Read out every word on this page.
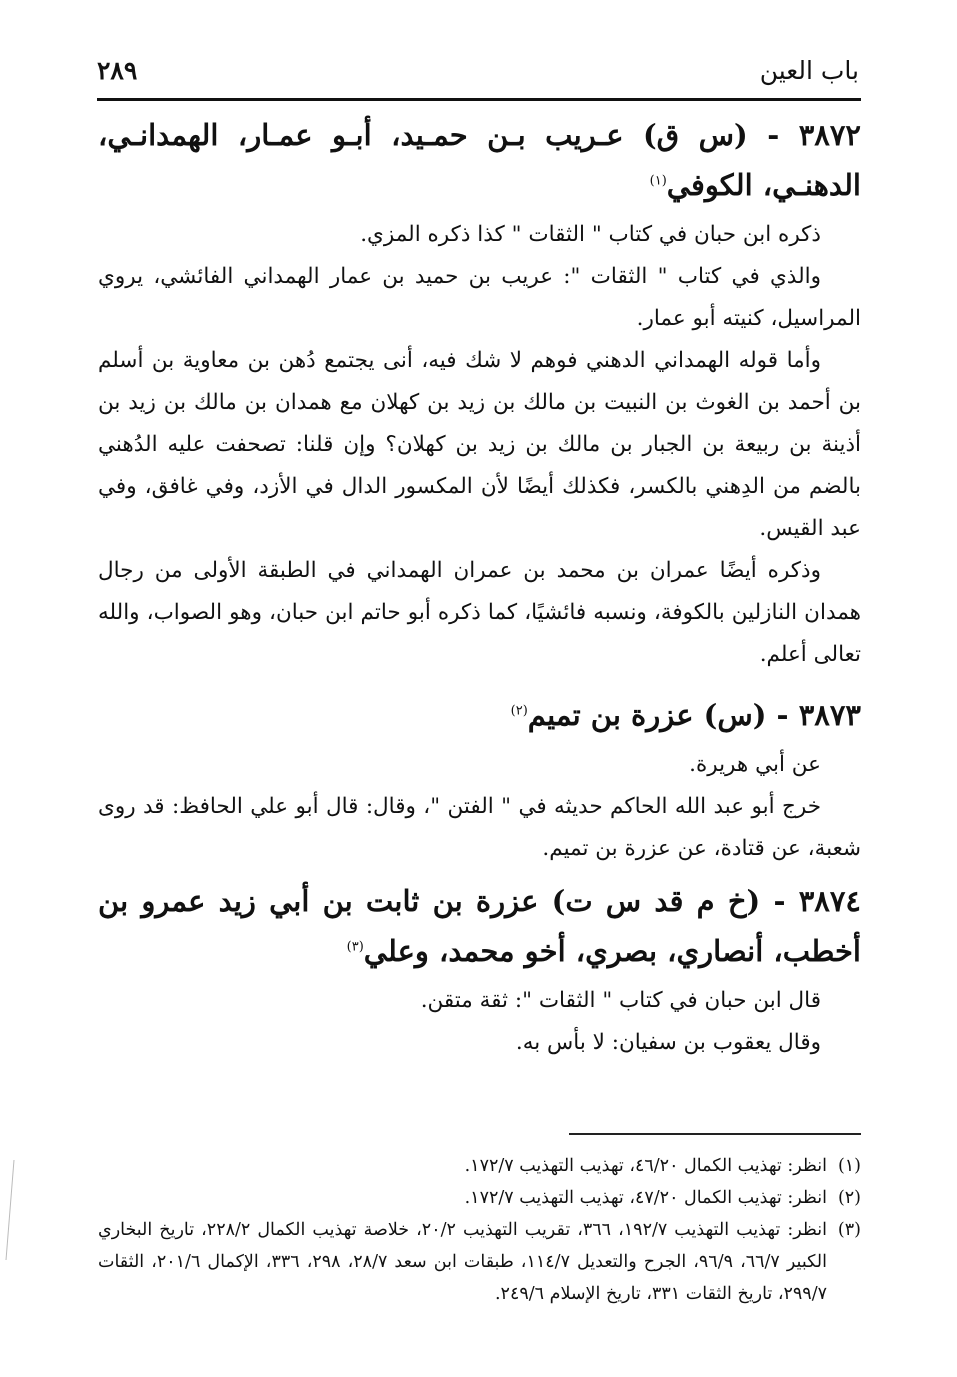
باب العين
٢٨٩
٣٨٧٢ - (س ق) عـريب بـن حمـيد، أبـو عمـار، الهمدانـي، الدهنـي، الكوفي$^{(١)}$

ذكره ابن حبان في كتاب " الثقات " كذا ذكره المزي.

والذي في كتاب " الثقات ": عريب بن حميد بن عمار الهمداني الفائشي، يروي المراسيل، كنيته أبو عمار.

وأما قوله الهمداني الدهني فوهم لا شك فيه، أنى يجتمع دُهن بن معاوية بن أسلم بن أحمد بن الغوث بن النبيت بن مالك بن زيد بن كهلان مع همدان بن مالك بن زيد بن أذينة بن ربيعة بن الجبار بن مالك بن زيد بن كهلان؟ وإن قلنا: تصحفت عليه الدُهني بالضم من الدِهني بالكسر، فكذلك أيضًا لأن المكسور الدال في الأزد، وفي غافق، وفي عبد القيس.

وذكره أيضًا عمران بن محمد بن عمران الهمداني في الطبقة الأولى من رجال همدان النازلين بالكوفة، ونسبه فائشيًا، كما ذكره أبو حاتم ابن حبان، وهو الصواب، والله تعالى أعلم.

٣٨٧٣ - (س) عزرة بن تميم$^{(٢)}$

عن أبي هريرة.

خرج أبو عبد الله الحاكم حديثه في " الفتن "، وقال: قال أبو علي الحافظ: قد روى شعبة، عن قتادة، عن عزرة بن تميم.

٣٨٧٤ - (خ م قد س ت) عزرة بن ثابت بن أبي زيد عمرو بن أخطب، أنصاري، بصري، أخو محمد، وعلي$^{(٣)}$

قال ابن حبان في كتاب " الثقات ": ثقة متقن.

وقال يعقوب بن سفيان: لا بأس به.

(١)انظر: تهذيب الكمال ٤٦/٢٠، تهذيب التهذيب ١٧٢/٧.

(٢)انظر: تهذيب الكمال ٤٧/٢٠، تهذيب التهذيب ١٧٢/٧.

(٣)انظر: تهذيب التهذيب ١٩٢/٧، ٣٦٦، تقريب التهذيب ٢٠/٢، خلاصة تهذيب الكمال ٢٢٨/٢، تاريخ البخاري الكبير ٦٦/٧، ٩٦/٩، الجرح والتعديل ١١٤/٧، طبقات ابن سعد ٢٨/٧، ٢٩٨، ٣٣٦، الإكمال ٢٠١/٦، الثقات ٢٩٩/٧، تاريخ الثقات ٣٣١، تاريخ الإسلام ٢٤٩/٦.
